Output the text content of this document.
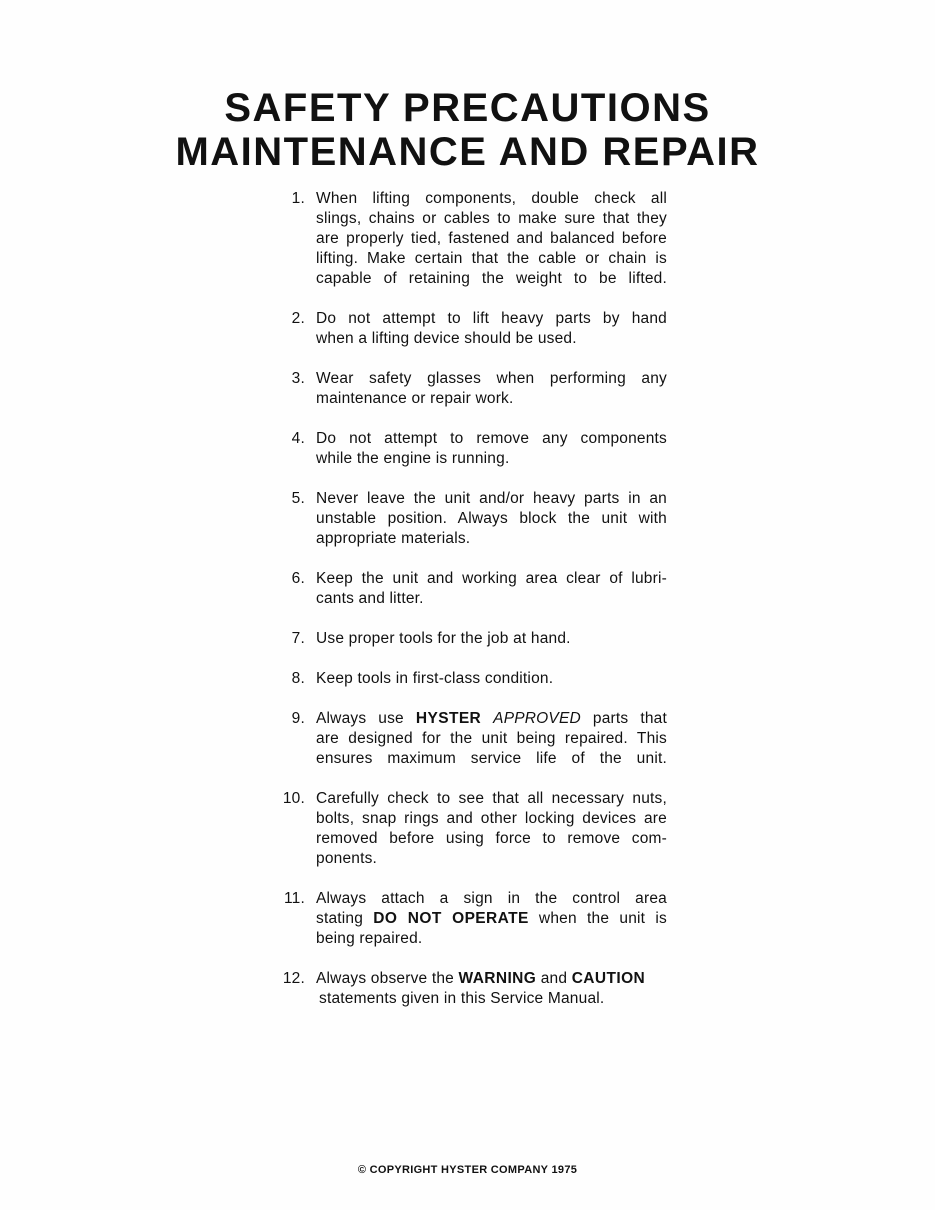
SAFETY PRECAUTIONS
MAINTENANCE AND REPAIR
1. When lifting components, double check all
slings, chains or cables to make sure that they
are properly tied, fastened and balanced before
lifting. Make certain that the cable or chain is
capable of retaining the weight to be lifted.
2. Do not attempt to lift heavy parts by hand
when a lifting device should be used.
3. Wear safety glasses when performing any
maintenance or repair work.
4. Do not attempt to remove any components
while the engine is running.
5. Never leave the unit and/or heavy parts in an
unstable position. Always block the unit with
appropriate materials.
6. Keep the unit and working area clear of lubri-
cants and litter.
7. Use proper tools for the job at hand.
8. Keep tools in first-class condition.
9. Always use HYSTER APPROVED parts that
are designed for the unit being repaired. This
ensures maximum service life of the unit.
10. Carefully check to see that all necessary nuts,
bolts, snap rings and other locking devices are
removed before using force to remove com-
ponents.
11. Always attach a sign in the control area
stating DO NOT OPERATE when the unit is
being repaired.
12. Always observe the WARNING and CAUTION
statements given in this Service Manual.
© COPYRIGHT HYSTER COMPANY 1975
